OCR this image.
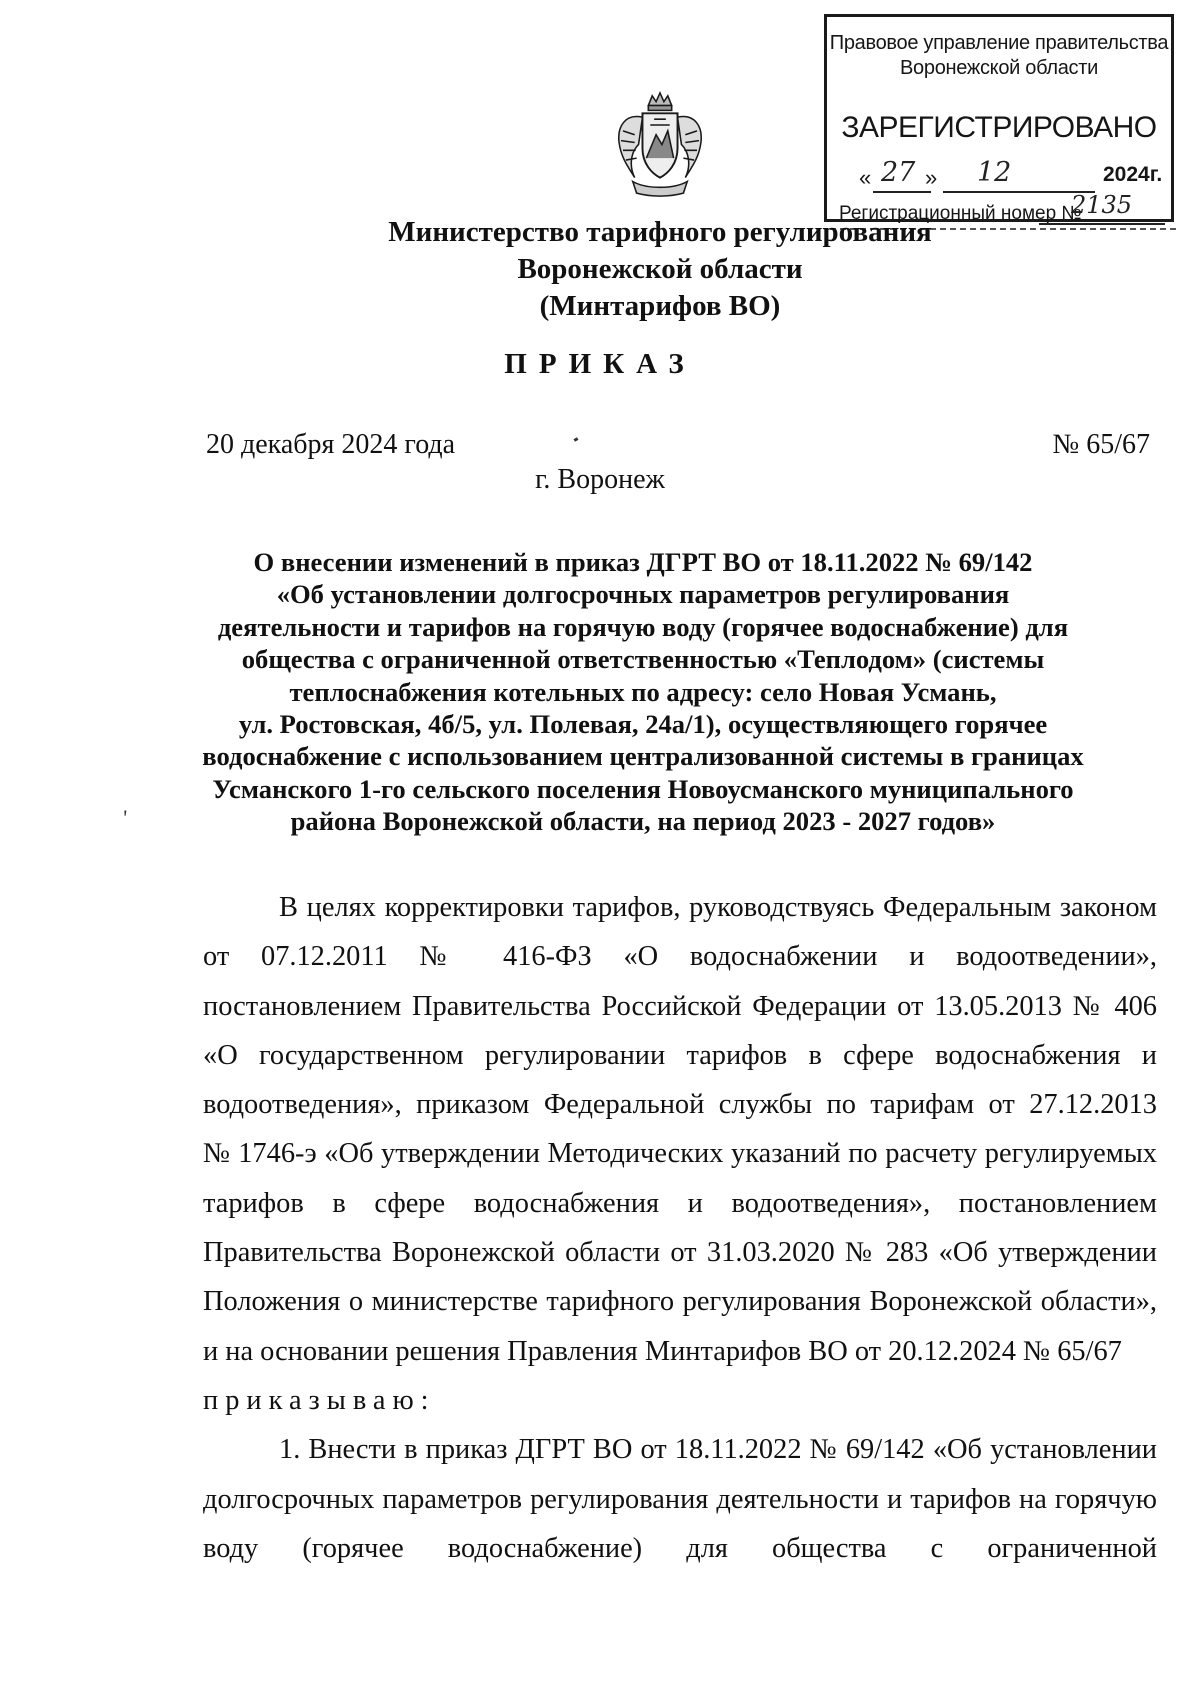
Правовое управление правительства
Воронежской области
ЗАРЕГИСТРИРОВАНО
« 27 » 12	2024г.
Регистрационный номер №
2135
Министерство тарифного регулирования
Воронежской области
(Минтарифов ВО)
ПРИКАЗ
20 декабря 2024 года	№ 65/67
г. Воронеж
О внесении изменений в приказ ДГРТ ВО от 18.11.2022 № 69/142
«Об установлении долгосрочных параметров регулирования
деятельности и тарифов на горячую воду (горячее водоснабжение) для
общества с ограниченной ответственностью «Теплодом» (системы
теплоснабжения котельных по адресу: село Новая Усмань,
ул. Ростовская, 4б/5, ул. Полевая, 24а/1), осуществляющего горячее
водоснабжение с использованием централизованной системы в границах
Усманского 1-го сельского поселения Новоусманского муниципального
района Воронежской области, на период 2023 - 2027 годов»
ʹ
В целях корректировки тарифов, руководствуясь Федеральным законом
от 07.12.2011 № 416-ФЗ «О водоснабжении и водоотведении»,
постановлением Правительства Российской Федерации от 13.05.2013 № 406
«О государственном регулировании тарифов в сфере водоснабжения и
водоотведения», приказом Федеральной службы по тарифам от 27.12.2013
№ 1746-э «Об утверждении Методических указаний по расчету регулируемых
тарифов в сфере водоснабжения и водоотведения», постановлением
Правительства Воронежской области от 31.03.2020 № 283 «Об утверждении
Положения о министерстве тарифного регулирования Воронежской области»,
и на основании решения Правления Минтарифов ВО от 20.12.2024 № 65/67
приказываю:
1. Внести в приказ ДГРТ ВО от 18.11.2022 № 69/142 «Об установлении
долгосрочных параметров регулирования деятельности и тарифов на горячую
воду (горячее водоснабжение) для общества с ограниченной
